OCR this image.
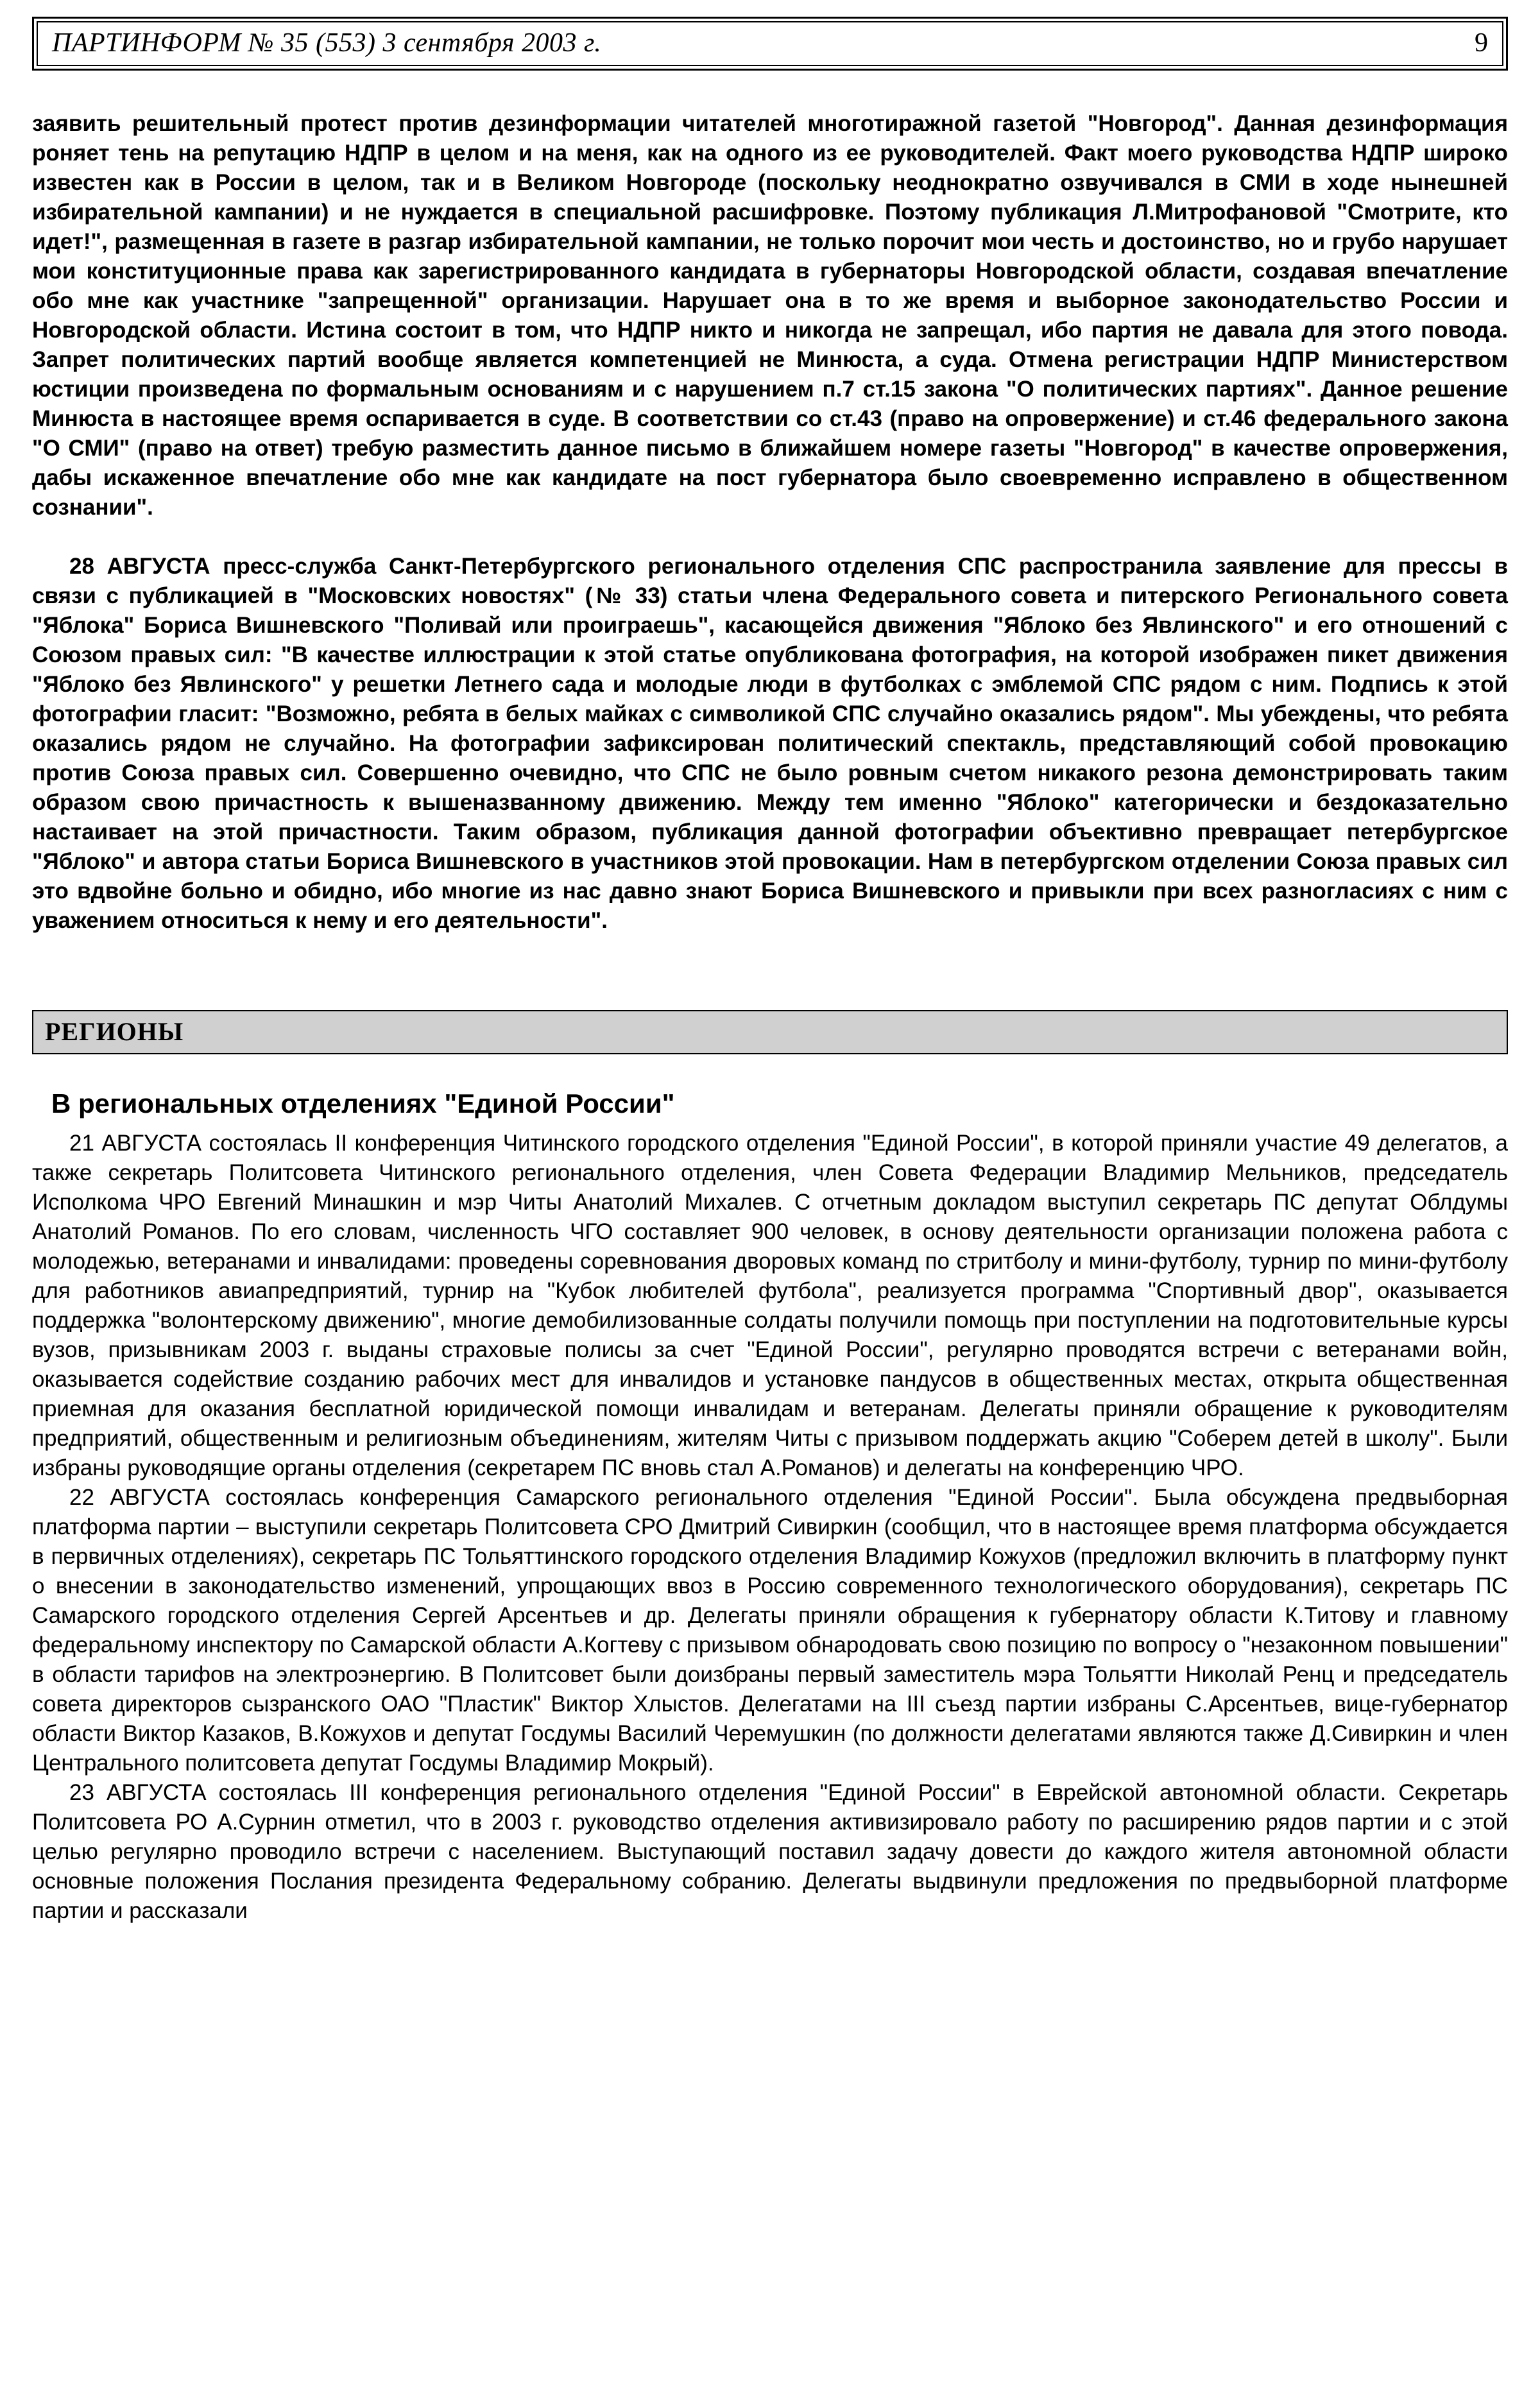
ПАРТИНФОРМ № 35 (553) 3 сентября 2003 г.	9

заявить решительный протест против дезинформации читателей многотиражной газетой "Новгород". Данная дезинформация роняет тень на репутацию НДПР в целом и на меня, как на одного из ее руководителей. Факт моего руководства НДПР широко известен как в России в целом, так и в Великом Новгороде (поскольку неоднократно озвучивался в СМИ в ходе нынешней избирательной кампании) и не нуждается в специальной расшифровке. Поэтому публикация Л.Митрофановой "Смотрите, кто идет!", размещенная в газете в разгар избирательной кампании, не только порочит мои честь и достоинство, но и грубо нарушает мои конституционные права как зарегистрированного кандидата в губернаторы Новгородской области, создавая впечатление обо мне как участнике "запрещенной" организации. Нарушает она в то же время и выборное законодательство России и Новгородской области. Истина состоит в том, что НДПР никто и никогда не запрещал, ибо партия не давала для этого повода. Запрет политических партий вообще является компетенцией не Минюста, а суда. Отмена регистрации НДПР Министерством юстиции произведена по формальным основаниям и с нарушением п.7 ст.15 закона "О политических партиях". Данное решение Минюста в настоящее время оспаривается в суде. В соответствии со ст.43 (право на опровержение) и ст.46 федерального закона "О СМИ" (право на ответ) требую разместить данное письмо в ближайшем номере газеты "Новгород" в качестве опровержения, дабы искаженное впечатление обо мне как кандидате на пост губернатора было своевременно исправлено в общественном сознании".

28 АВГУСТА пресс-служба Санкт-Петербургского регионального отделения СПС распространила заявление для прессы в связи с публикацией в "Московских новостях" (№ 33) статьи члена Федерального совета и питерского Регионального совета "Яблока" Бориса Вишневского "Поливай или проиграешь", касающейся движения "Яблоко без Явлинского" и его отношений с Союзом правых сил: "В качестве иллюстрации к этой статье опубликована фотография, на которой изображен пикет движения "Яблоко без Явлинского" у решетки Летнего сада и молодые люди в футболках с эмблемой СПС рядом с ним. Подпись к этой фотографии гласит: "Возможно, ребята в белых майках с символикой СПС случайно оказались рядом". Мы убеждены, что ребята оказались рядом не случайно. На фотографии зафиксирован политический спектакль, представляющий собой провокацию против Союза правых сил. Совершенно очевидно, что СПС не было ровным счетом никакого резона демонстрировать таким образом свою причастность к вышеназванному движению. Между тем именно "Яблоко" категорически и бездоказательно настаивает на этой причастности. Таким образом, публикация данной фотографии объективно превращает петербургское "Яблоко" и автора статьи Бориса Вишневского в участников этой провокации. Нам в петербургском отделении Союза правых сил это вдвойне больно и обидно, ибо многие из нас давно знают Бориса Вишневского и привыкли при всех разногласиях с ним с уважением относиться к нему и его деятельности".

РЕГИОНЫ
В региональных отделениях "Единой России"

21 АВГУСТА состоялась II конференция Читинского городского отделения "Единой России", в которой приняли участие 49 делегатов, а также секретарь Политсовета Читинского регионального отделения, член Совета Федерации Владимир Мельников, председатель Исполкома ЧРО Евгений Минашкин и мэр Читы Анатолий Михалев. С отчетным докладом выступил секретарь ПС депутат Облдумы Анатолий Романов. По его словам, численность ЧГО составляет 900 человек, в основу деятельности организации положена работа с молодежью, ветеранами и инвалидами: проведены соревнования дворовых команд по стритболу и мини-футболу, турнир по мини-футболу для работников авиапредприятий, турнир на "Кубок любителей футбола", реализуется программа "Спортивный двор", оказывается поддержка "волонтерскому движению", многие демобилизованные солдаты получили помощь при поступлении на подготовительные курсы вузов, призывникам 2003 г. выданы страховые полисы за счет "Единой России", регулярно проводятся встречи с ветеранами войн, оказывается содействие созданию рабочих мест для инвалидов и установке пандусов в общественных местах, открыта общественная приемная для оказания бесплатной юридической помощи инвалидам и ветеранам. Делегаты приняли обращение к руководителям предприятий, общественным и религиозным объединениям, жителям Читы с призывом поддержать акцию "Соберем детей в школу". Были избраны руководящие органы отделения (секретарем ПС вновь стал А.Романов) и делегаты на конференцию ЧРО.

22 АВГУСТА состоялась конференция Самарского регионального отделения "Единой России". Была обсуждена предвыборная платформа партии – выступили секретарь Политсовета СРО Дмитрий Сивиркин (сообщил, что в настоящее время платформа обсуждается в первичных отделениях), секретарь ПС Тольяттинского городского отделения Владимир Кожухов (предложил включить в платформу пункт о внесении в законодательство изменений, упрощающих ввоз в Россию современного технологического оборудования), секретарь ПС Самарского городского отделения Сергей Арсентьев и др. Делегаты приняли обращения к губернатору области К.Титову и главному федеральному инспектору по Самарской области А.Когтеву с призывом обнародовать свою позицию по вопросу о "незаконном повышении" в области тарифов на электроэнергию. В Политсовет были доизбраны первый заместитель мэра Тольятти Николай Ренц и председатель совета директоров сызранского ОАО "Пластик" Виктор Хлыстов. Делегатами на III съезд партии избраны С.Арсентьев, вице-губернатор области Виктор Казаков, В.Кожухов и депутат Госдумы Василий Черемушкин (по должности делегатами являются также Д.Сивиркин и член Центрального политсовета депутат Госдумы Владимир Мокрый).

23 АВГУСТА состоялась III конференция регионального отделения "Единой России" в Еврейской автономной области. Секретарь Политсовета РО А.Сурнин отметил, что в 2003 г. руководство отделения активизировало работу по расширению рядов партии и с этой целью регулярно проводило встречи с населением. Выступающий поставил задачу довести до каждого жителя автономной области основные положения Послания президента Федеральному собранию. Делегаты выдвинули предложения по предвыборной платформе партии и рассказали
